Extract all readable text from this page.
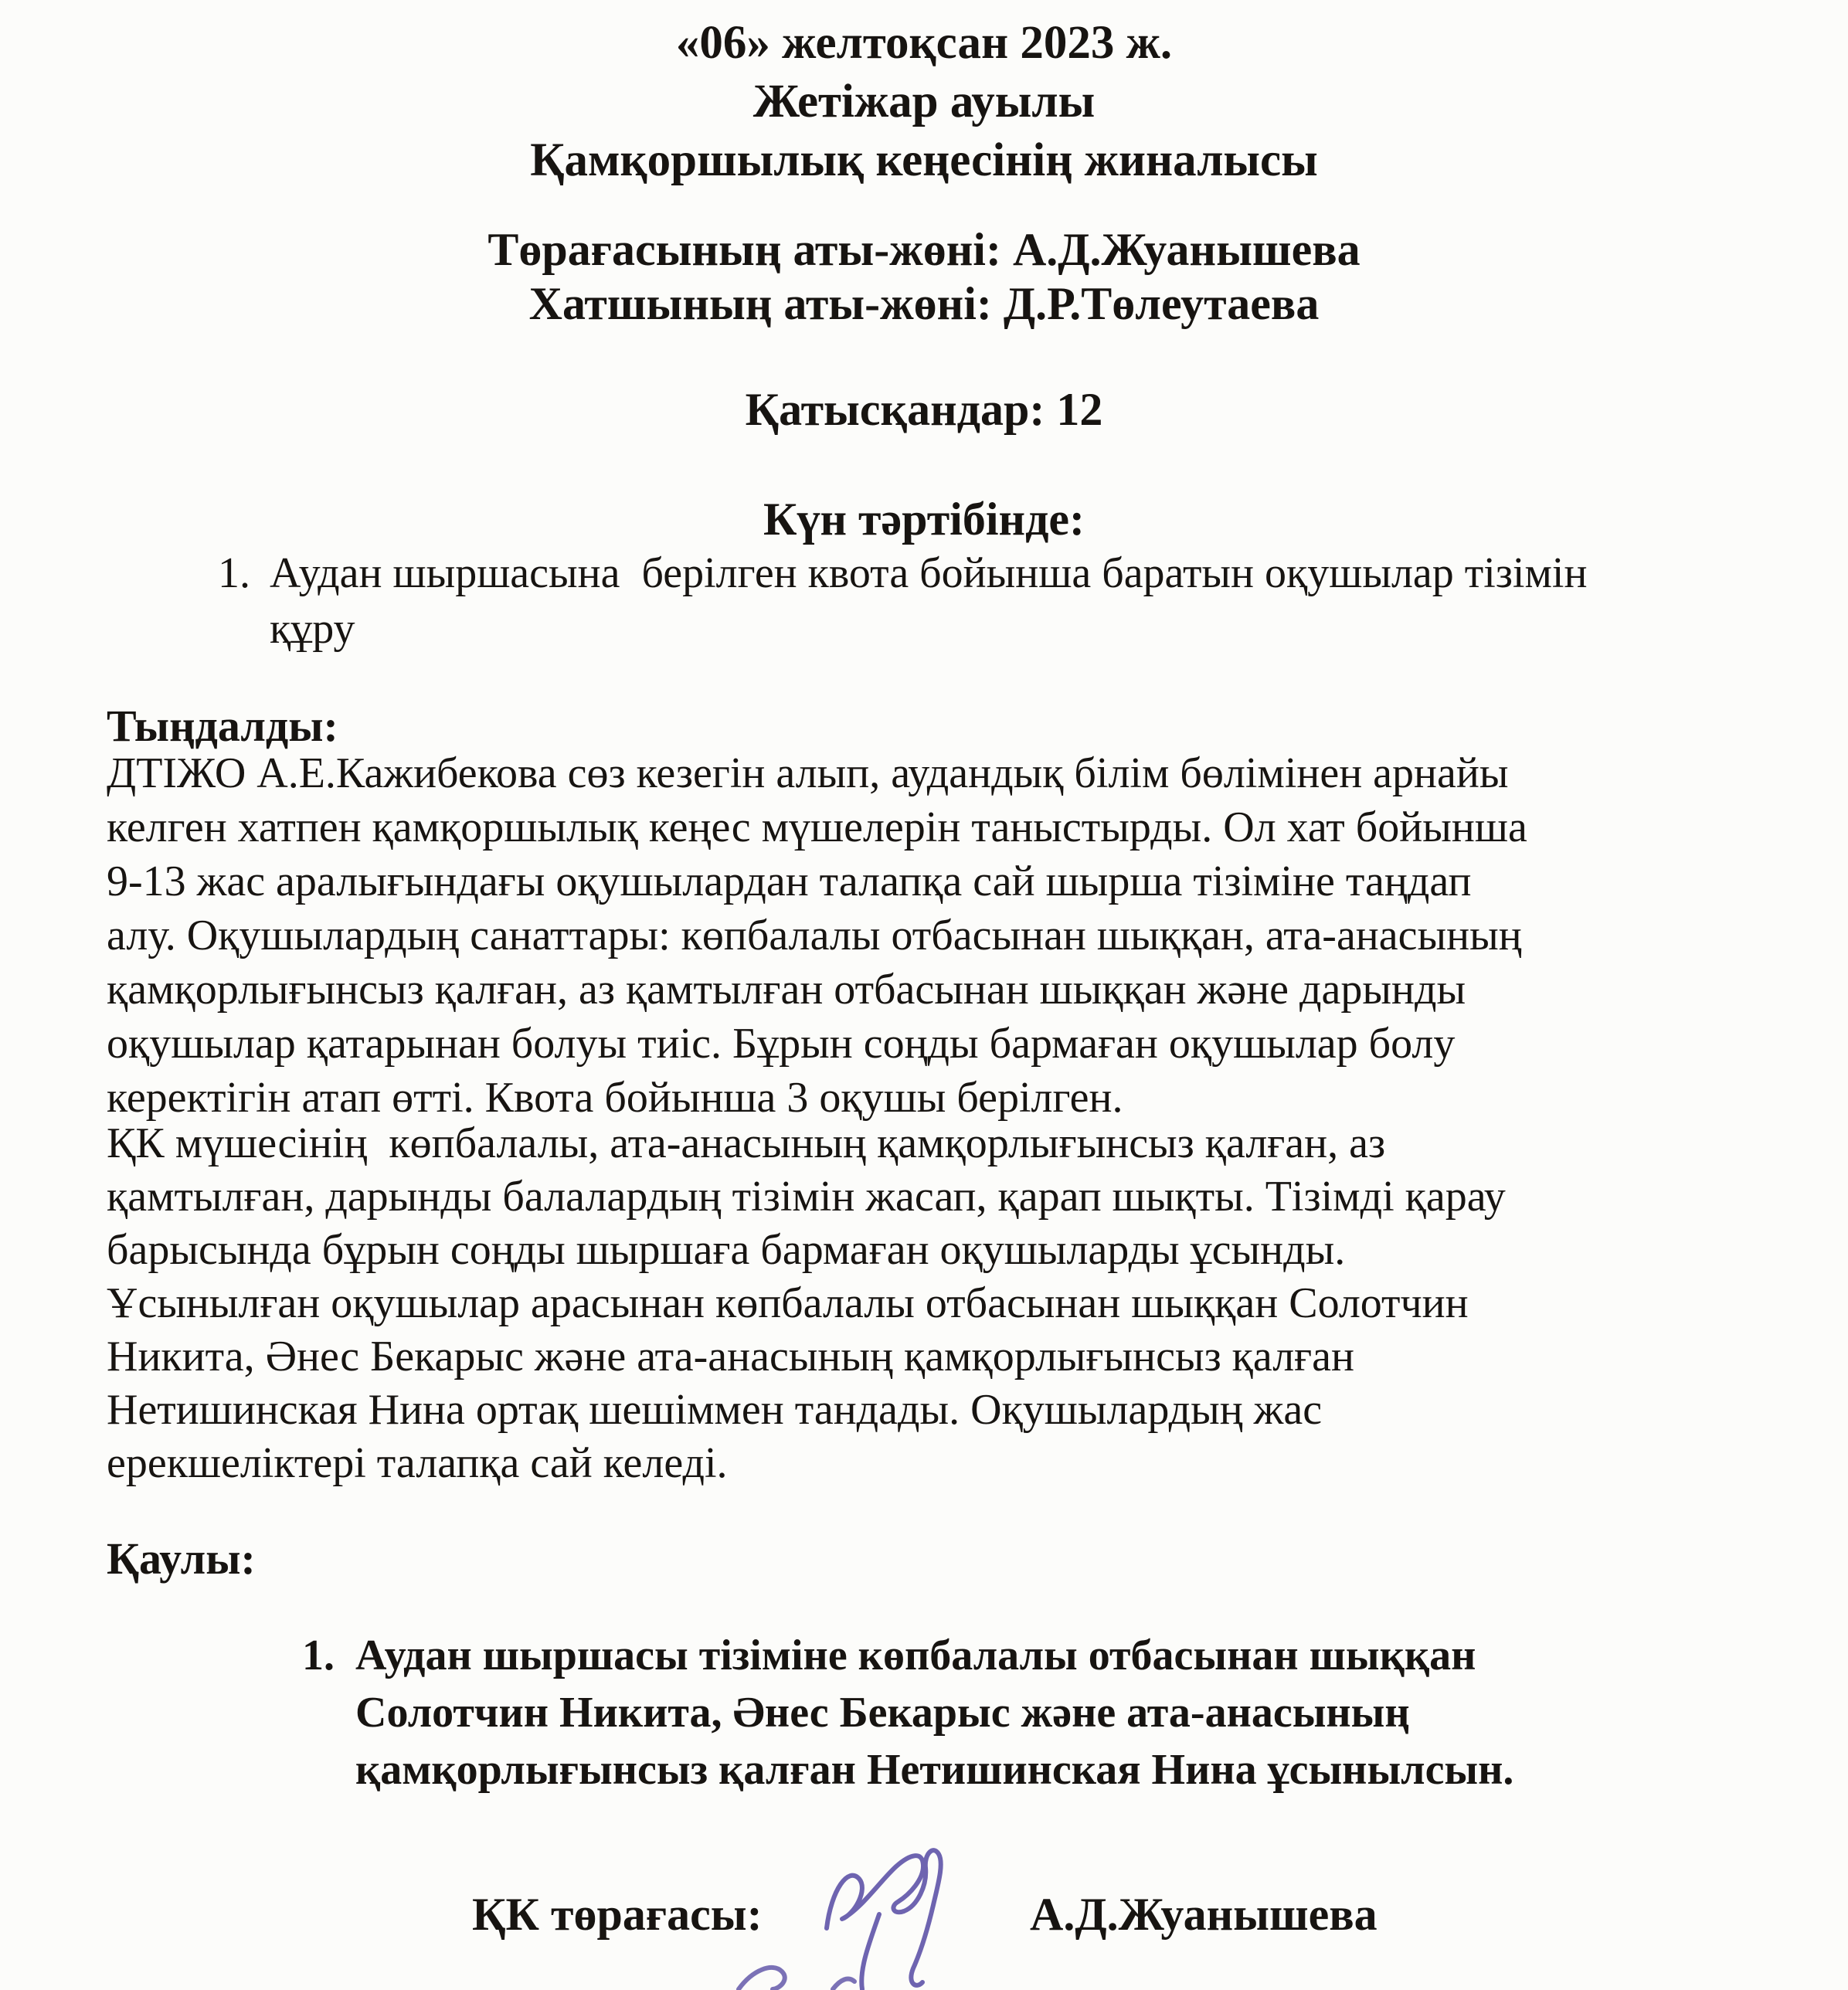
«06» желтоқсан 2023 ж.
Жетіжар ауылы
Қамқоршылық кеңесінің жиналысы
Төрағасының аты-жөні: А.Д.Жуанышева
Хатшының аты-жөні: Д.Р.Төлеутаева
Қатысқандар: 12
Күн тәртібінде:
1. Аудан шыршасына  берілген квота бойынша баратын оқушылар тізімін
құру
Тыңдалды:
ДТІЖО А.Е.Кажибекова сөз кезегін алып, аудандық білім бөлімінен арнайы
келген хатпен қамқоршылық кеңес мүшелерін таныстырды. Ол хат бойынша
9-13 жас аралығындағы оқушылардан талапқа сай шырша тізіміне таңдап
алу. Оқушылардың санаттары: көпбалалы отбасынан шыққан, ата-анасының
қамқорлығынсыз қалған, аз қамтылған отбасынан шыққан және дарынды
оқушылар қатарынан болуы тиіс. Бұрын соңды бармаған оқушылар болу
керектігін атап өтті. Квота бойынша 3 оқушы берілген.
ҚК мүшесінің  көпбалалы, ата-анасының қамқорлығынсыз қалған, аз
қамтылған, дарынды балалардың тізімін жасап, қарап шықты. Тізімді қарау
барысында бұрын соңды шыршаға бармаған оқушыларды ұсынды.
Ұсынылған оқушылар арасынан көпбалалы отбасынан шыққан Солотчин
Никита, Әнес Бекарыс және ата-анасының қамқорлығынсыз қалған
Нетишинская Нина ортақ шешіммен тандады. Оқушылардың жас
ерекшеліктері талапқа сай келеді.
Қаулы:
1. Аудан шыршасы тізіміне көпбалалы отбасынан шыққан
Солотчин Никита, Әнес Бекарыс және ата-анасының
қамқорлығынсыз қалған Нетишинская Нина ұсынылсын.
ҚК төрағасы:	А.Д.Жуанышева
